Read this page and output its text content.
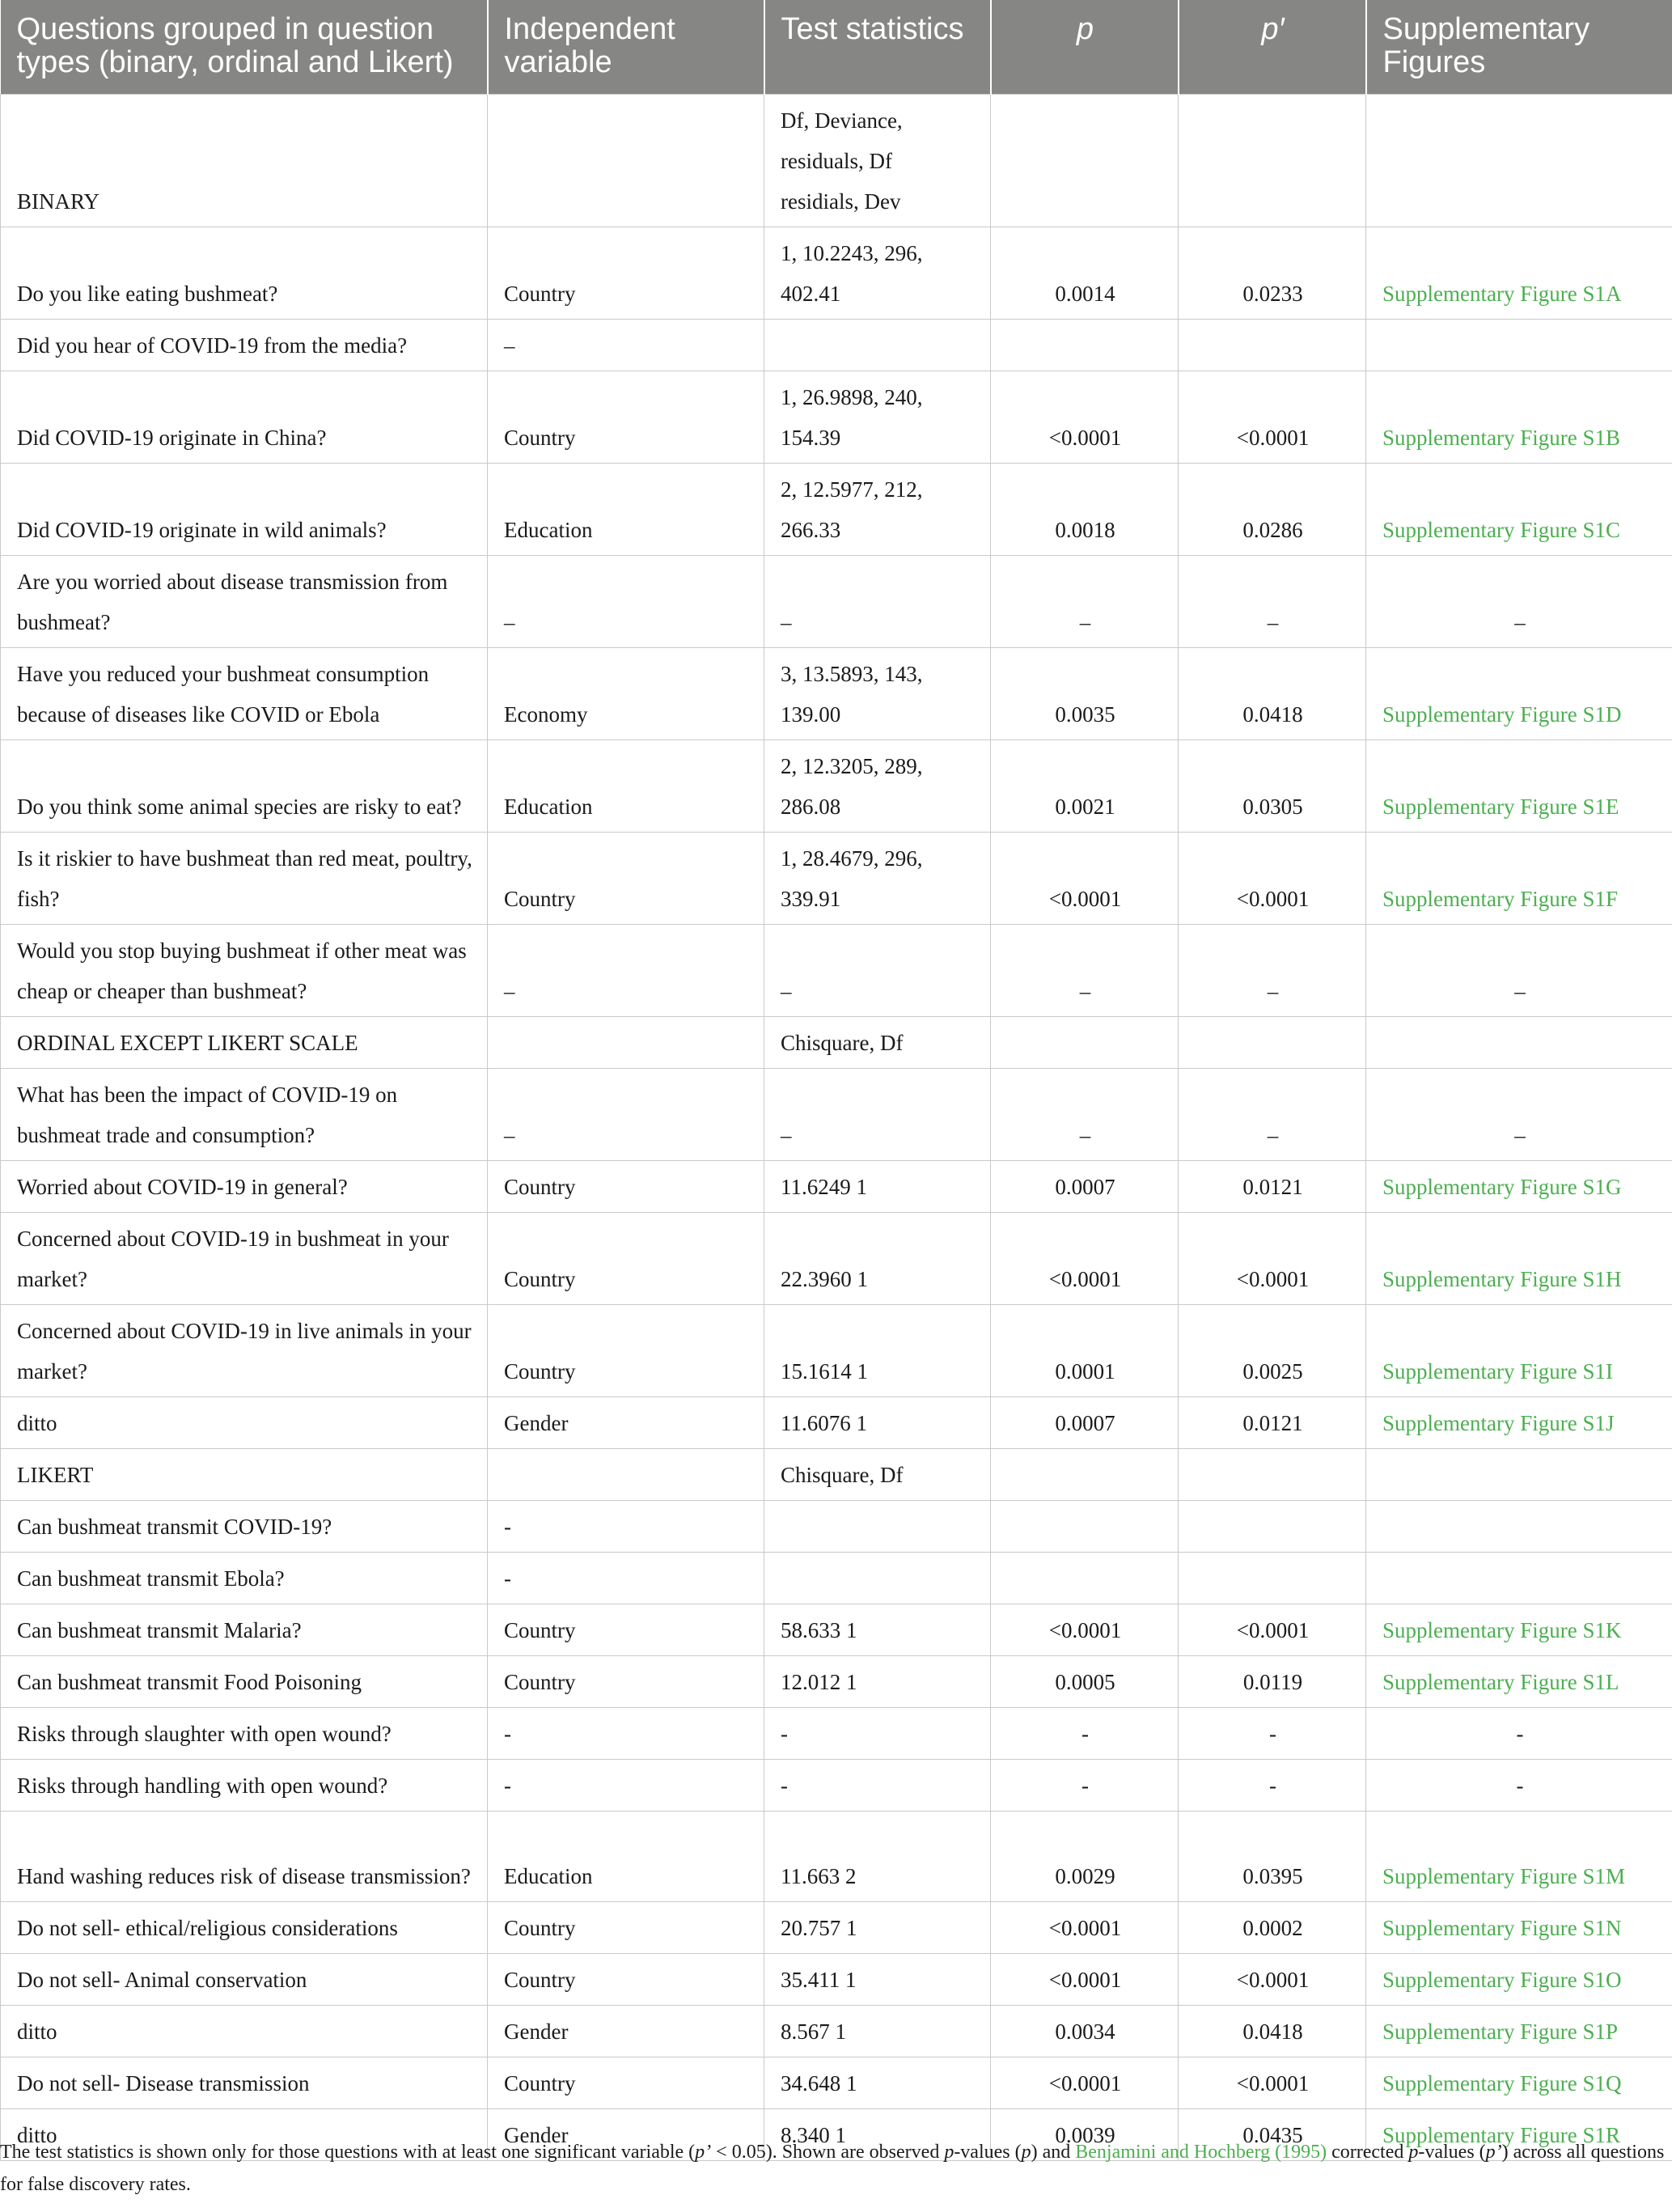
Questions grouped in question types (binary, ordinal and Likert)	Independent variable	Test statistics	p	p′	Supplementary Figures
BINARY		Df, Deviance, residuals, Df residials, Dev			
Do you like eating bushmeat?	Country	1, 10.2243, 296, 402.41	0.0014	0.0233	Supplementary Figure S1A
Did you hear of COVID-19 from the media?	–				
Did COVID-19 originate in China?	Country	1, 26.9898, 240, 154.39	<0.0001	<0.0001	Supplementary Figure S1B
Did COVID-19 originate in wild animals?	Education	2, 12.5977, 212, 266.33	0.0018	0.0286	Supplementary Figure S1C
Are you worried about disease transmission from bushmeat?	–	–	–	–	–
Have you reduced your bushmeat consumption because of diseases like COVID or Ebola	Economy	3, 13.5893, 143, 139.00	0.0035	0.0418	Supplementary Figure S1D
Do you think some animal species are risky to eat?	Education	2, 12.3205, 289, 286.08	0.0021	0.0305	Supplementary Figure S1E
Is it riskier to have bushmeat than red meat, poultry, fish?	Country	1, 28.4679, 296, 339.91	<0.0001	<0.0001	Supplementary Figure S1F
Would you stop buying bushmeat if other meat was cheap or cheaper than bushmeat?	–	–	–	–	–
ORDINAL EXCEPT LIKERT SCALE		Chisquare, Df			
What has been the impact of COVID-19 on bushmeat trade and consumption?	–	–	–	–	–
Worried about COVID-19 in general?	Country	11.6249 1	0.0007	0.0121	Supplementary Figure S1G
Concerned about COVID-19 in bushmeat in your market?	Country	22.3960 1	<0.0001	<0.0001	Supplementary Figure S1H
Concerned about COVID-19 in live animals in your market?	Country	15.1614 1	0.0001	0.0025	Supplementary Figure S1I
ditto	Gender	11.6076 1	0.0007	0.0121	Supplementary Figure S1J
LIKERT		Chisquare, Df			
Can bushmeat transmit COVID-19?	-				
Can bushmeat transmit Ebola?	-				
Can bushmeat transmit Malaria?	Country	58.633 1	<0.0001	<0.0001	Supplementary Figure S1K
Can bushmeat transmit Food Poisoning	Country	12.012 1	0.0005	0.0119	Supplementary Figure S1L
Risks through slaughter with open wound?	-	-	-	-	-
Risks through handling with open wound?	-	-	-	-	-
Hand washing reduces risk of disease transmission?	Education	11.663 2	0.0029	0.0395	Supplementary Figure S1M
Do not sell- ethical/religious considerations	Country	20.757 1	<0.0001	0.0002	Supplementary Figure S1N
Do not sell- Animal conservation	Country	35.411 1	<0.0001	<0.0001	Supplementary Figure S1O
ditto	Gender	8.567 1	0.0034	0.0418	Supplementary Figure S1P
Do not sell- Disease transmission	Country	34.648 1	<0.0001	<0.0001	Supplementary Figure S1Q
ditto	Gender	8.340 1	0.0039	0.0435	Supplementary Figure S1R
The test statistics is shown only for those questions with at least one significant variable (p’ < 0.05). Shown are observed p-values (p) and Benjamini and Hochberg (1995) corrected p-values (p’) across all questions for false discovery rates.
